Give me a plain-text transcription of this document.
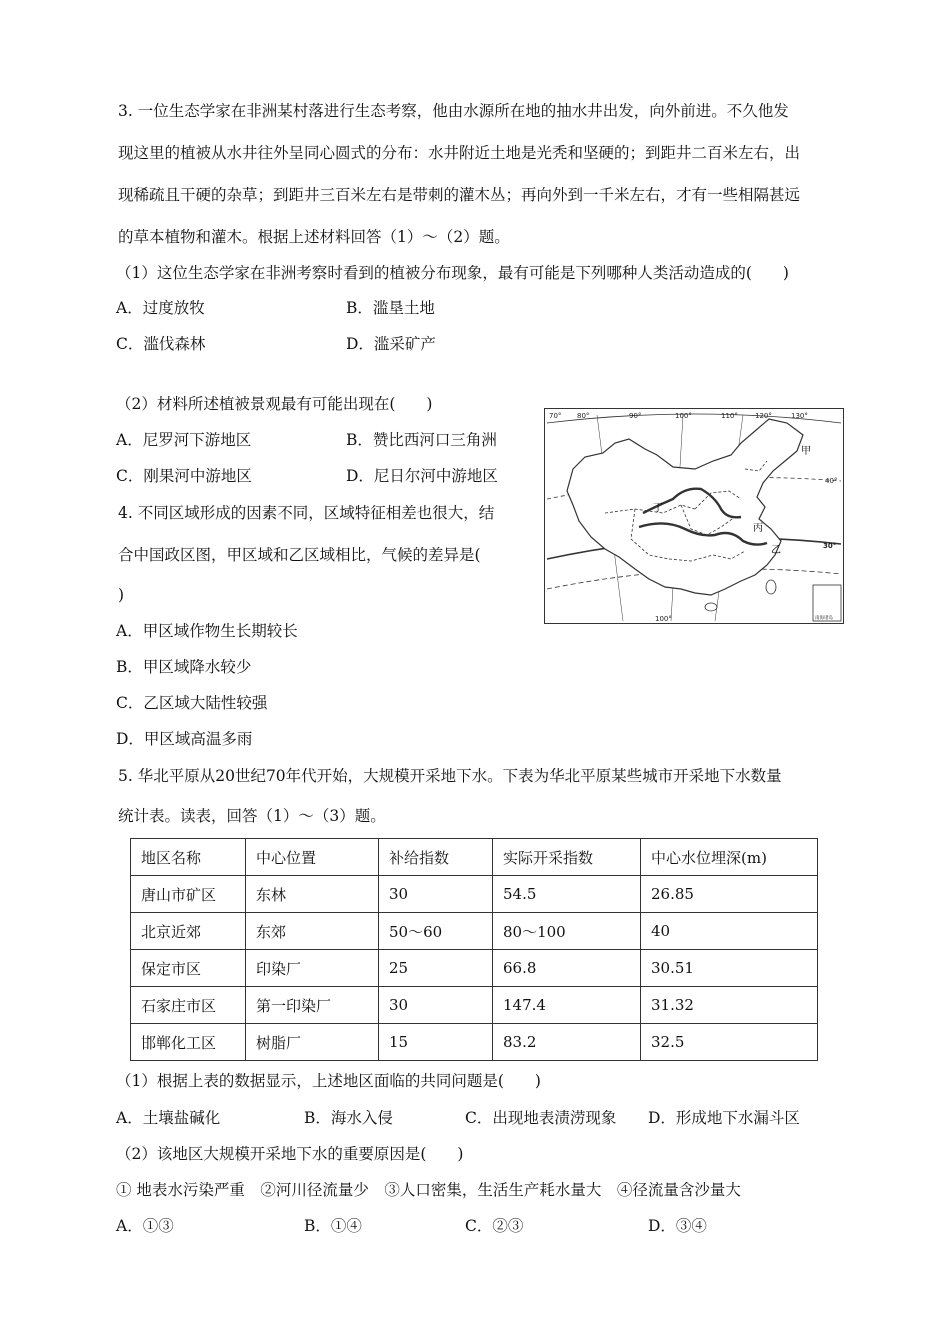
3. 一位生态学家在非洲某村落进行生态考察，他由水源所在地的抽水井出发，向外前进。不久他发
现这里的植被从水井往外呈同心圆式的分布：水井附近土地是光秃和坚硬的；到距井二百米左右，出
现稀疏且干硬的杂草；到距井三百米左右是带刺的灌木丛；再向外到一千米左右，才有一些相隔甚远
的草本植物和灌木。根据上述材料回答（1）～（2）题。
（1）这位生态学家在非洲考察时看到的植被分布现象，最有可能是下列哪种人类活动造成的(　　)
A．过度放牧	B．滥垦土地
C．滥伐森林	D．滥采矿产
（2）材料所述植被景观最有可能出现在(　　)
A．尼罗河下游地区	B．赞比西河口三角洲
C．刚果河中游地区	D．尼日尔河中游地区
4. 不同区域形成的因素不同，区域特征相差也很大，结
合中国政区图，甲区域和乙区域相比，气候的差异是(
)
A．甲区域作物生长期较长
B．甲区域降水较少
C．乙区域大陆性较强
D．甲区域高温多雨
70° 80°	90°	100°	110° 120°	130°
40°
30°
100°	南海诸岛
甲
乙
丙
丁
5. 华北平原从20世纪70年代开始，大规模开采地下水。下表为华北平原某些城市开采地下水数量
统计表。读表，回答（1）～（3）题。
地区名称	中心位置	补给指数	实际开采指数	中心水位埋深(m)
唐山市矿区	东林	30	54.5	26.85
北京近郊	东郊	50～60	80～100	40
保定市区	印染厂	25	66.8	30.51
石家庄市区	第一印染厂	30	147.4	31.32
邯郸化工区	树脂厂	15	83.2	32.5
（1）根据上表的数据显示，上述地区面临的共同问题是(　　)
A．土壤盐碱化	B．海水入侵	C．出现地表渍涝现象 D．形成地下水漏斗区
（2）该地区大规模开采地下水的重要原因是(　　)
① 地表水污染严重　②河川径流量少　③人口密集，生活生产耗水量大　④径流量含沙量大
A．①③	B．①④	C．②③	D．③④
